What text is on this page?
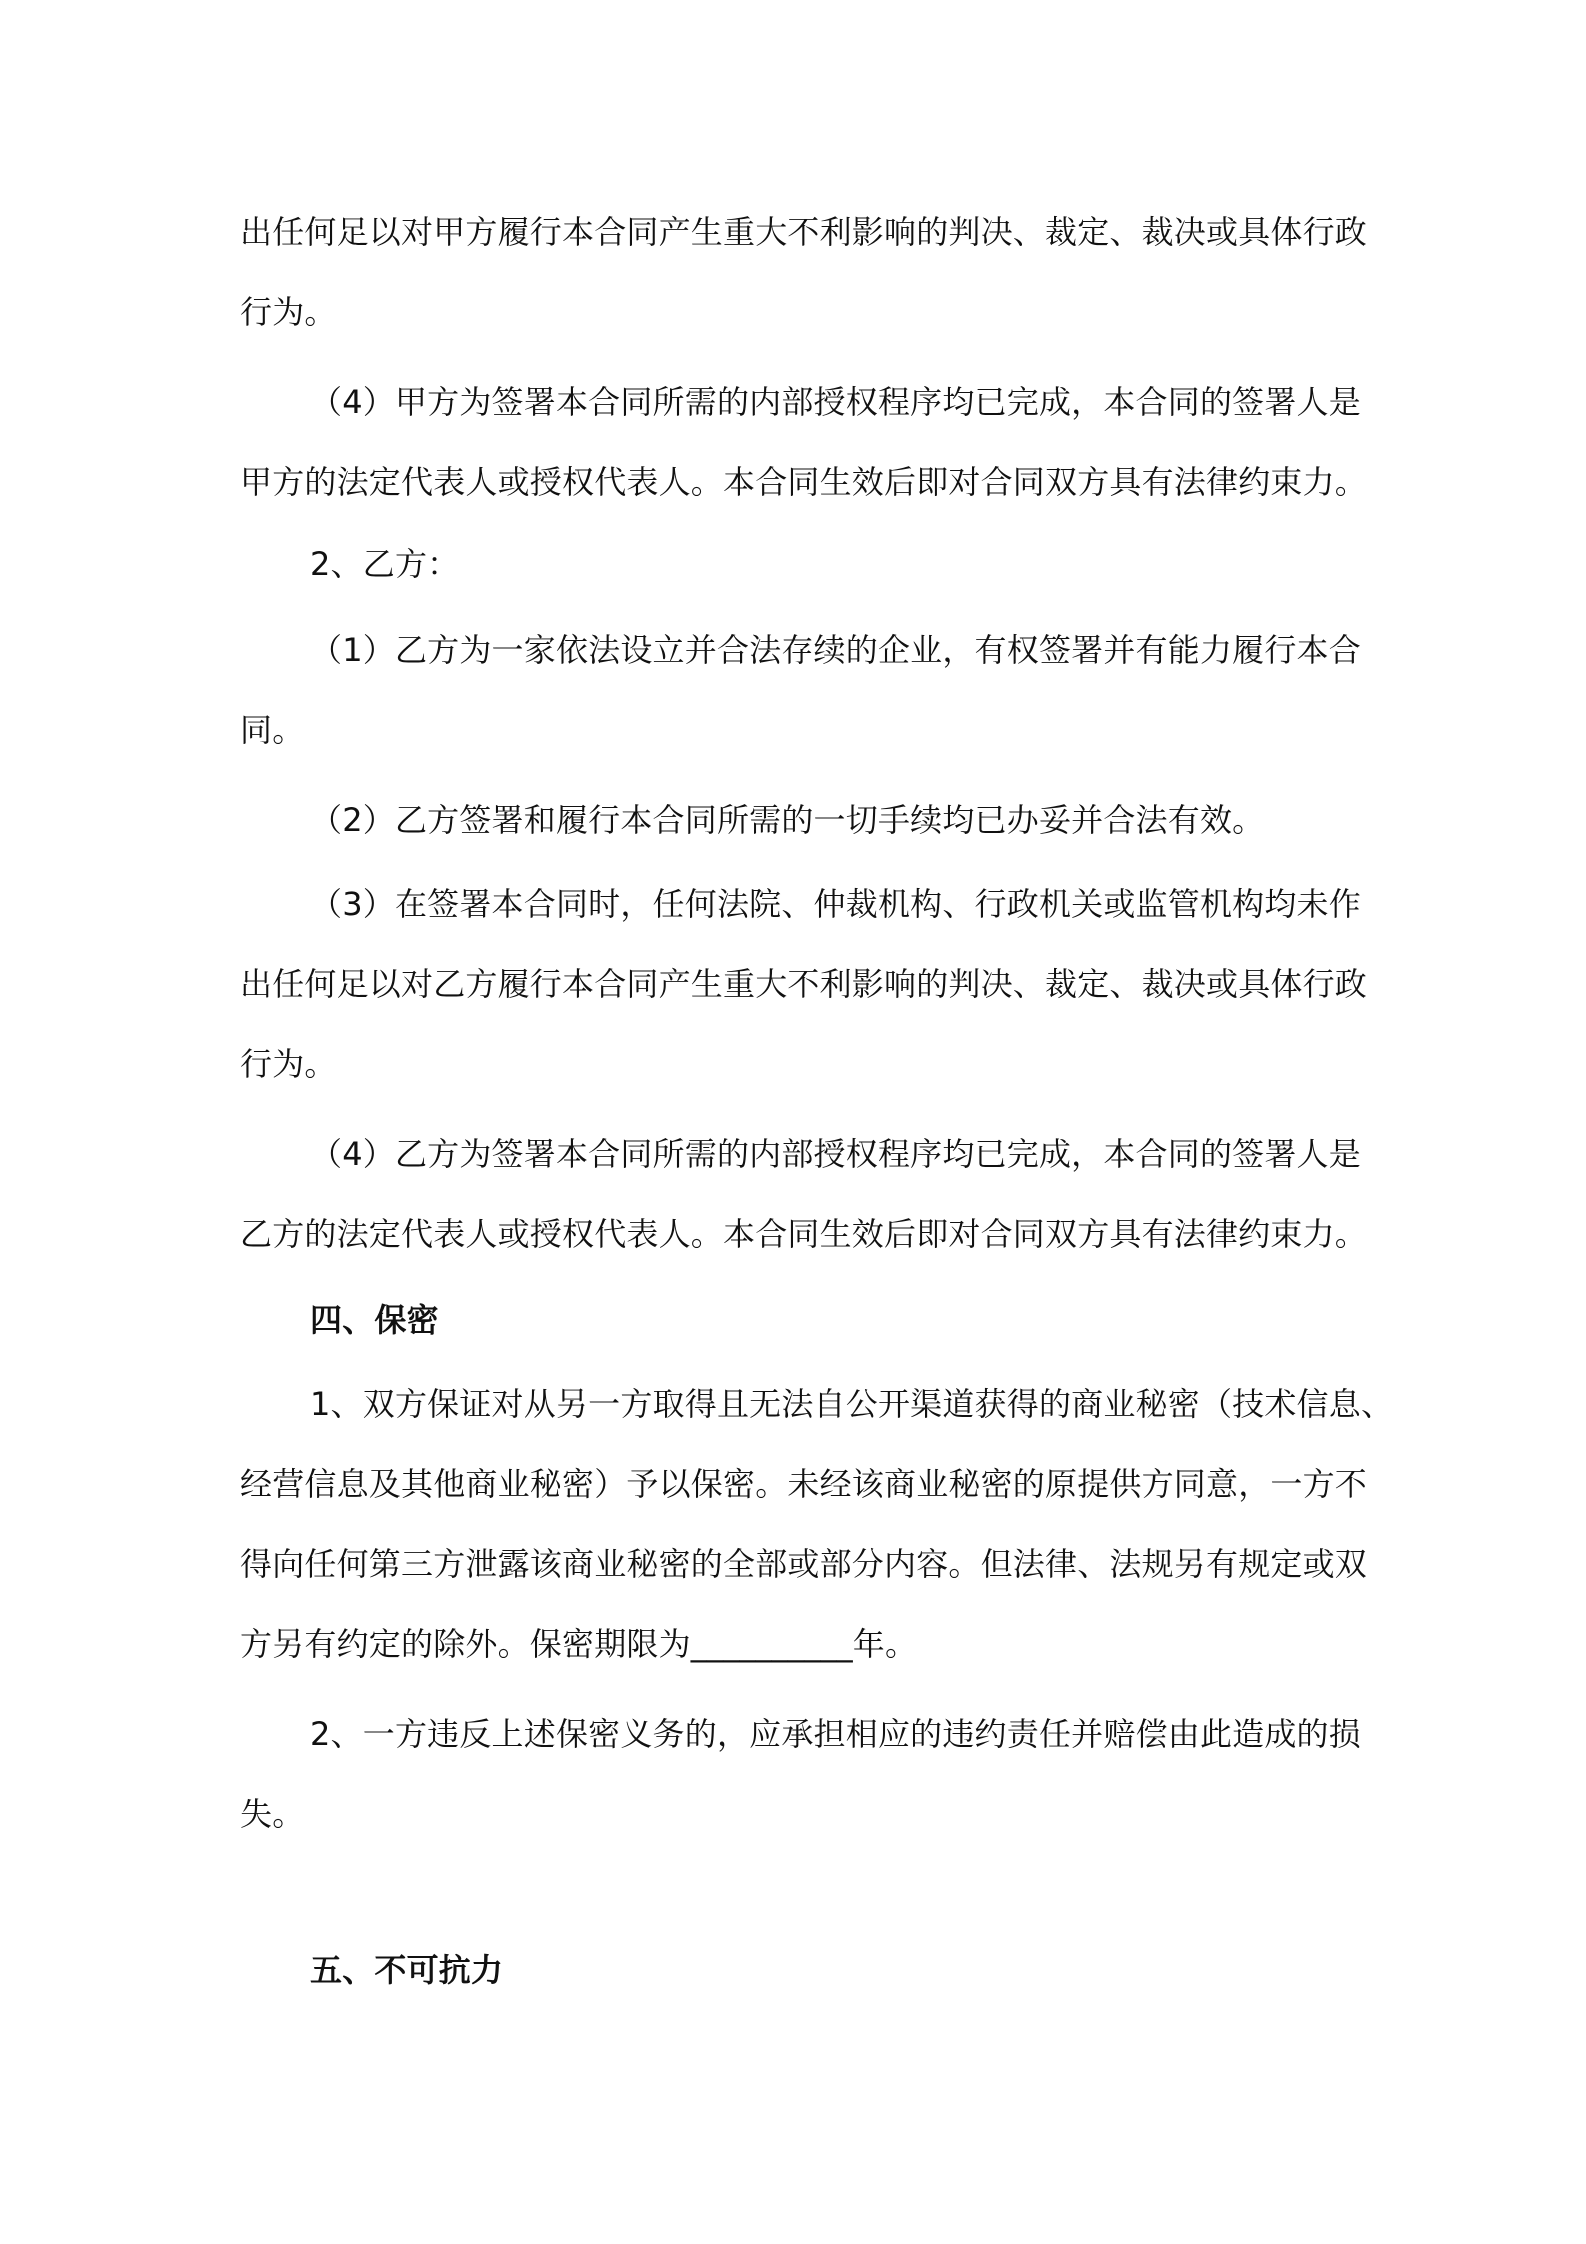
出任何足以对甲方履行本合同产生重大不利影响的判决、裁定、裁决或具体行政
行为。
（4）甲方为签署本合同所需的内部授权程序均已完成，本合同的签署人是
甲方的法定代表人或授权代表人。本合同生效后即对合同双方具有法律约束力。
2、乙方：
（1）乙方为一家依法设立并合法存续的企业，有权签署并有能力履行本合
同。
（2）乙方签署和履行本合同所需的一切手续均已办妥并合法有效。
（3）在签署本合同时，任何法院、仲裁机构、行政机关或监管机构均未作
出任何足以对乙方履行本合同产生重大不利影响的判决、裁定、裁决或具体行政
行为。
（4）乙方为签署本合同所需的内部授权程序均已完成，本合同的签署人是
乙方的法定代表人或授权代表人。本合同生效后即对合同双方具有法律约束力。
四、保密
1、双方保证对从另一方取得且无法自公开渠道获得的商业秘密（技术信息、
经营信息及其他商业秘密）予以保密。未经该商业秘密的原提供方同意，一方不
得向任何第三方泄露该商业秘密的全部或部分内容。但法律、法规另有规定或双
方另有约定的除外。保密期限为__________年。
2、一方违反上述保密义务的，应承担相应的违约责任并赔偿由此造成的损
失。
五、不可抗力
